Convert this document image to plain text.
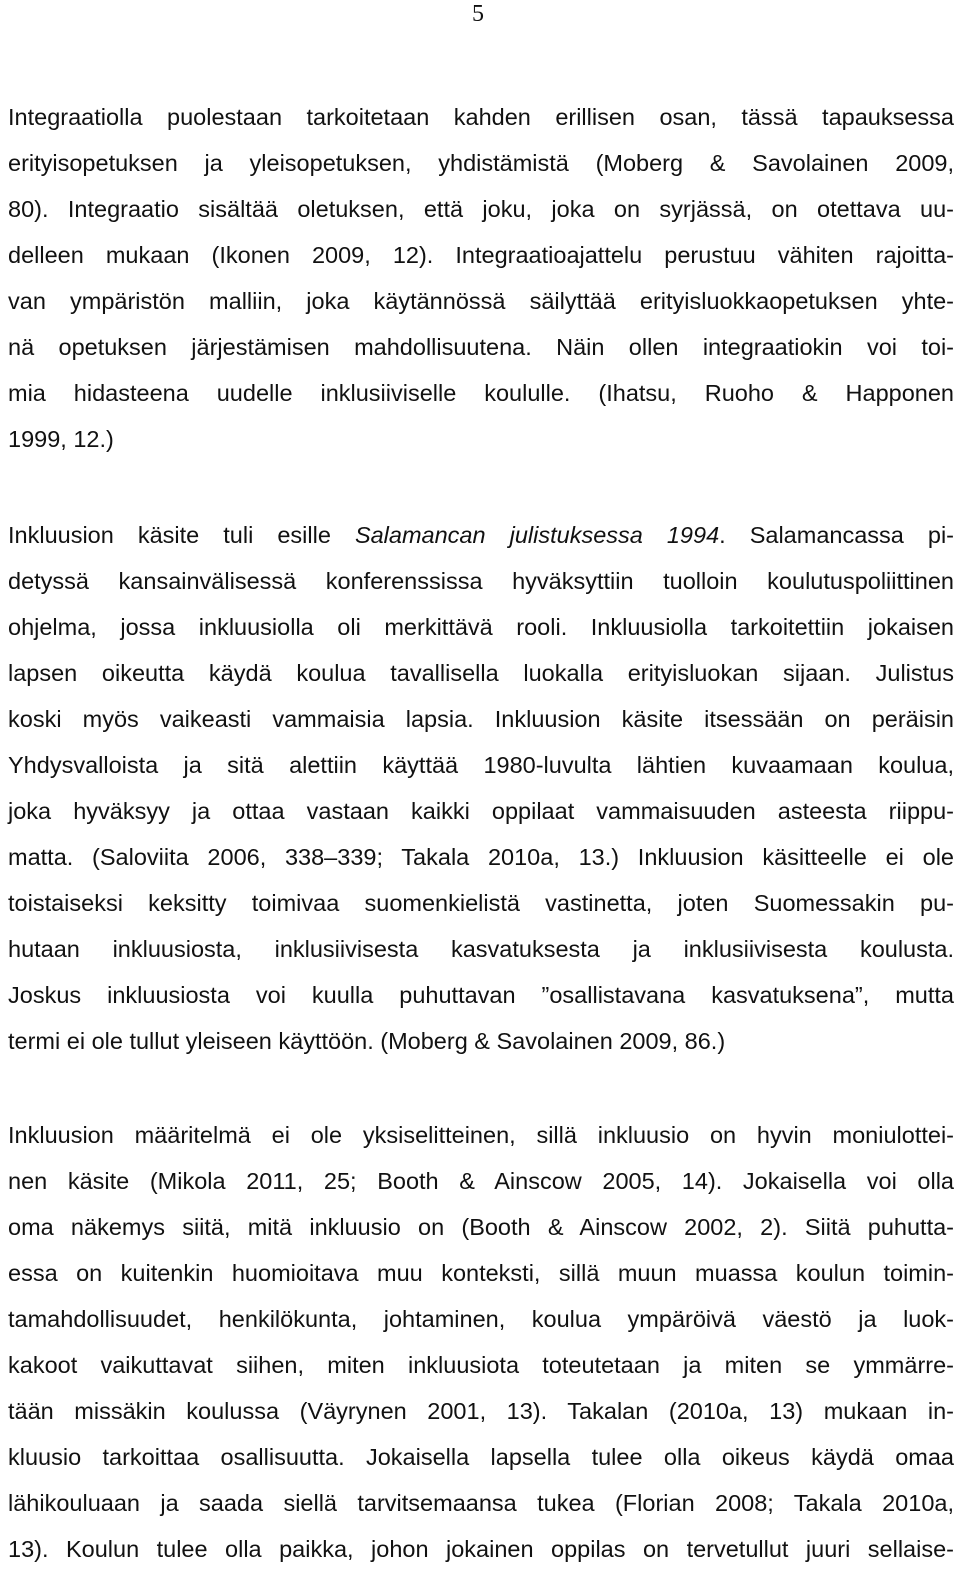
5
Integraatiolla puolestaan tarkoitetaan kahden erillisen osan, tässä tapauksessa
erityisopetuksen ja yleisopetuksen, yhdistämistä (Moberg & Savolainen 2009,
80). Integraatio sisältää oletuksen, että joku, joka on syrjässä, on otettava uu-
delleen mukaan (Ikonen 2009, 12). Integraatioajattelu perustuu vähiten rajoitta-
van ympäristön malliin, joka käytännössä säilyttää erityisluokkaopetuksen yhte-
nä opetuksen järjestämisen mahdollisuutena. Näin ollen integraatiokin voi toi-
mia hidasteena uudelle inklusiiviselle koululle. (Ihatsu, Ruoho & Happonen
1999, 12.)
Inkluusion käsite tuli esille Salamancan julistuksessa 1994. Salamancassa pi-
detyssä kansainvälisessä konferenssissa hyväksyttiin tuolloin koulutuspoliittinen
ohjelma, jossa inkluusiolla oli merkittävä rooli. Inkluusiolla tarkoitettiin jokaisen
lapsen oikeutta käydä koulua tavallisella luokalla erityisluokan sijaan. Julistus
koski myös vaikeasti vammaisia lapsia. Inkluusion käsite itsessään on peräisin
Yhdysvalloista ja sitä alettiin käyttää 1980-luvulta lähtien kuvaamaan koulua,
joka hyväksyy ja ottaa vastaan kaikki oppilaat vammaisuuden asteesta riippu-
matta. (Saloviita 2006, 338–339; Takala 2010a, 13.) Inkluusion käsitteelle ei ole
toistaiseksi keksitty toimivaa suomenkielistä vastinetta, joten Suomessakin pu-
hutaan inkluusiosta, inklusiivisesta kasvatuksesta ja inklusiivisesta koulusta.
Joskus inkluusiosta voi kuulla puhuttavan ”osallistavana kasvatuksena”, mutta
termi ei ole tullut yleiseen käyttöön. (Moberg & Savolainen 2009, 86.)
Inkluusion määritelmä ei ole yksiselitteinen, sillä inkluusio on hyvin moniulottei-
nen käsite (Mikola 2011, 25; Booth & Ainscow 2005, 14). Jokaisella voi olla
oma näkemys siitä, mitä inkluusio on (Booth & Ainscow 2002, 2). Siitä puhutta-
essa on kuitenkin huomioitava muu konteksti, sillä muun muassa koulun toimin-
tamahdollisuudet, henkilökunta, johtaminen, koulua ympäröivä väestö ja luok-
kakoot vaikuttavat siihen, miten inkluusiota toteutetaan ja miten se ymmärre-
tään missäkin koulussa (Väyrynen 2001, 13). Takalan (2010a, 13) mukaan in-
kluusio tarkoittaa osallisuutta. Jokaisella lapsella tulee olla oikeus käydä omaa
lähikouluaan ja saada siellä tarvitsemaansa tukea (Florian 2008; Takala 2010a,
13). Koulun tulee olla paikka, johon jokainen oppilas on tervetullut juuri sellaise-
